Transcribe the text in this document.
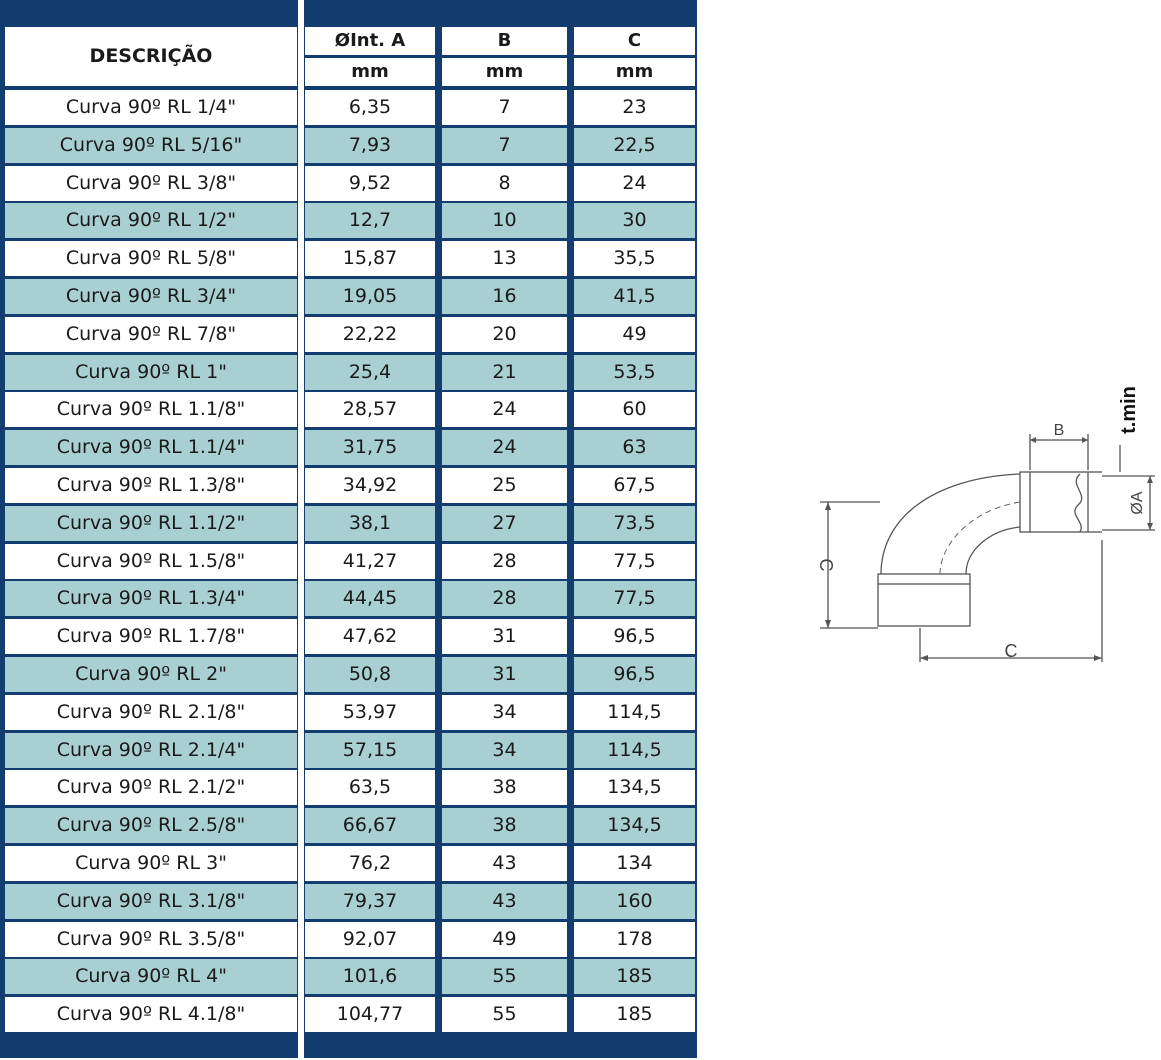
DESCRIÇÃO
ØInt. A	B	C
mm	mm	mm
Curva 90º RL 1/4"	6,35	7	23
Curva 90º RL 5/16"	7,93	7	22,5
Curva 90º RL 3/8"	9,52	8	24
Curva 90º RL 1/2"	12,7	10	30
Curva 90º RL 5/8"	15,87	13	35,5
Curva 90º RL 3/4"	19,05	16	41,5
Curva 90º RL 7/8"	22,22	20	49
Curva 90º RL 1"	25,4	21	53,5
Curva 90º RL 1.1/8"	28,57	24	60
Curva 90º RL 1.1/4"	31,75	24	63
Curva 90º RL 1.3/8"	34,92	25	67,5
Curva 90º RL 1.1/2"	38,1	27	73,5
Curva 90º RL 1.5/8"	41,27	28	77,5
Curva 90º RL 1.3/4"	44,45	28	77,5
Curva 90º RL 1.7/8"	47,62	31	96,5
Curva 90º RL 2"	50,8	31	96,5
Curva 90º RL 2.1/8"	53,97	34	114,5
Curva 90º RL 2.1/4"	57,15	34	114,5
Curva 90º RL 2.1/2"	63,5	38	134,5
Curva 90º RL 2.5/8"	66,67	38	134,5
Curva 90º RL 3"	76,2	43	134
Curva 90º RL 3.1/8"	79,37	43	160
Curva 90º RL 3.5/8"	92,07	49	178
Curva 90º RL 4"	101,6	55	185
Curva 90º RL 4.1/8"	104,77	55	185
B
C
C
ØA
t.min
